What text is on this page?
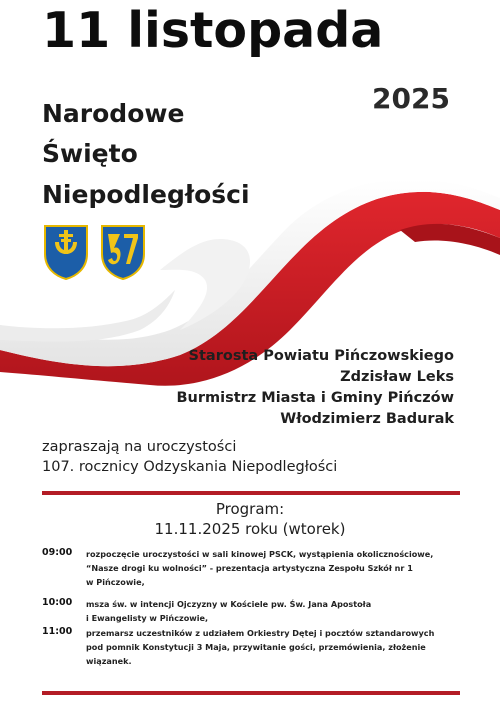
11 listopada
2025
Narodowe
Święto
Niepodległości
Starosta Powiatu Pińczowskiego
Zdzisław Leks
Burmistrz Miasta i Gminy Pińczów
Włodzimierz Badurak
zapraszają na uroczystości
107. rocznicy Odzyskania Niepodległości
Program:
11.11.2025 roku (wtorek)
09:00	rozpoczęcie uroczystości w sali kinowej PSCK, wystąpienia okolicznościowe,
“Nasze drogi ku wolności” - prezentacja artystyczna Zespołu Szkół nr 1
w Pińczowie,
10:00	msza św. w intencji Ojczyzny w Kościele pw. Św. Jana Apostoła
i Ewangelisty w Pińczowie,
11:00	przemarsz uczestników z udziałem Orkiestry Dętej i pocztów sztandarowych
pod pomnik Konstytucji 3 Maja, przywitanie gości, przemówienia, złożenie
wiązanek.
